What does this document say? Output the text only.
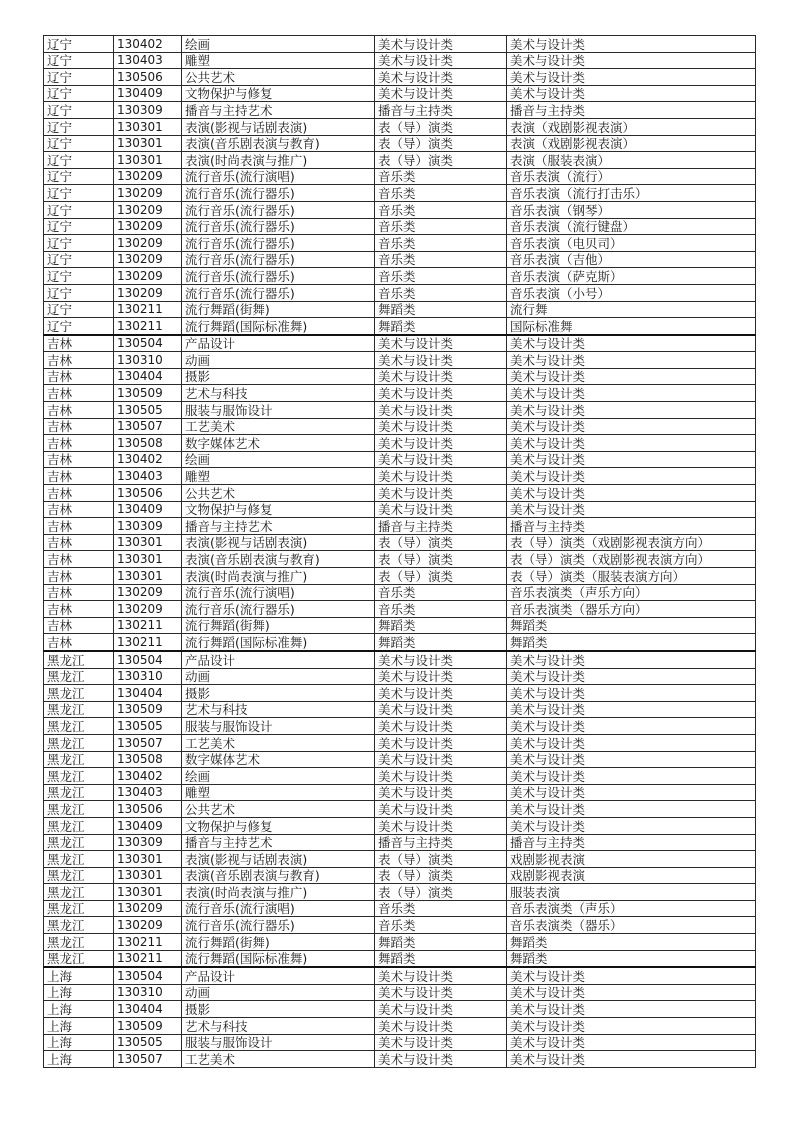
辽宁	130402	绘画	美术与设计类	美术与设计类
辽宁	130403	雕塑	美术与设计类	美术与设计类
辽宁	130506	公共艺术	美术与设计类	美术与设计类
辽宁	130409	文物保护与修复	美术与设计类	美术与设计类
辽宁	130309	播音与主持艺术	播音与主持类	播音与主持类
辽宁	130301	表演(影视与话剧表演)	表（导）演类	表演（戏剧影视表演）
辽宁	130301	表演(音乐剧表演与教育)	表（导）演类	表演（戏剧影视表演）
辽宁	130301	表演(时尚表演与推广)	表（导）演类	表演（服装表演）
辽宁	130209	流行音乐(流行演唱)	音乐类	音乐表演（流行）
辽宁	130209	流行音乐(流行器乐)	音乐类	音乐表演（流行打击乐）
辽宁	130209	流行音乐(流行器乐)	音乐类	音乐表演（钢琴）
辽宁	130209	流行音乐(流行器乐)	音乐类	音乐表演（流行键盘）
辽宁	130209	流行音乐(流行器乐)	音乐类	音乐表演（电贝司）
辽宁	130209	流行音乐(流行器乐)	音乐类	音乐表演（吉他）
辽宁	130209	流行音乐(流行器乐)	音乐类	音乐表演（萨克斯）
辽宁	130209	流行音乐(流行器乐)	音乐类	音乐表演（小号）
辽宁	130211	流行舞蹈(街舞)	舞蹈类	流行舞
辽宁	130211	流行舞蹈(国际标准舞)	舞蹈类	国际标准舞
吉林	130504	产品设计	美术与设计类	美术与设计类
吉林	130310	动画	美术与设计类	美术与设计类
吉林	130404	摄影	美术与设计类	美术与设计类
吉林	130509	艺术与科技	美术与设计类	美术与设计类
吉林	130505	服装与服饰设计	美术与设计类	美术与设计类
吉林	130507	工艺美术	美术与设计类	美术与设计类
吉林	130508	数字媒体艺术	美术与设计类	美术与设计类
吉林	130402	绘画	美术与设计类	美术与设计类
吉林	130403	雕塑	美术与设计类	美术与设计类
吉林	130506	公共艺术	美术与设计类	美术与设计类
吉林	130409	文物保护与修复	美术与设计类	美术与设计类
吉林	130309	播音与主持艺术	播音与主持类	播音与主持类
吉林	130301	表演(影视与话剧表演)	表（导）演类	表（导）演类（戏剧影视表演方向）
吉林	130301	表演(音乐剧表演与教育)	表（导）演类	表（导）演类（戏剧影视表演方向）
吉林	130301	表演(时尚表演与推广)	表（导）演类	表（导）演类（服装表演方向）
吉林	130209	流行音乐(流行演唱)	音乐类	音乐表演类（声乐方向）
吉林	130209	流行音乐(流行器乐)	音乐类	音乐表演类（器乐方向）
吉林	130211	流行舞蹈(街舞)	舞蹈类	舞蹈类
吉林	130211	流行舞蹈(国际标准舞)	舞蹈类	舞蹈类
黑龙江	130504	产品设计	美术与设计类	美术与设计类
黑龙江	130310	动画	美术与设计类	美术与设计类
黑龙江	130404	摄影	美术与设计类	美术与设计类
黑龙江	130509	艺术与科技	美术与设计类	美术与设计类
黑龙江	130505	服装与服饰设计	美术与设计类	美术与设计类
黑龙江	130507	工艺美术	美术与设计类	美术与设计类
黑龙江	130508	数字媒体艺术	美术与设计类	美术与设计类
黑龙江	130402	绘画	美术与设计类	美术与设计类
黑龙江	130403	雕塑	美术与设计类	美术与设计类
黑龙江	130506	公共艺术	美术与设计类	美术与设计类
黑龙江	130409	文物保护与修复	美术与设计类	美术与设计类
黑龙江	130309	播音与主持艺术	播音与主持类	播音与主持类
黑龙江	130301	表演(影视与话剧表演)	表（导）演类	戏剧影视表演
黑龙江	130301	表演(音乐剧表演与教育)	表（导）演类	戏剧影视表演
黑龙江	130301	表演(时尚表演与推广)	表（导）演类	服装表演
黑龙江	130209	流行音乐(流行演唱)	音乐类	音乐表演类（声乐）
黑龙江	130209	流行音乐(流行器乐)	音乐类	音乐表演类（器乐）
黑龙江	130211	流行舞蹈(街舞)	舞蹈类	舞蹈类
黑龙江	130211	流行舞蹈(国际标准舞)	舞蹈类	舞蹈类
上海	130504	产品设计	美术与设计类	美术与设计类
上海	130310	动画	美术与设计类	美术与设计类
上海	130404	摄影	美术与设计类	美术与设计类
上海	130509	艺术与科技	美术与设计类	美术与设计类
上海	130505	服装与服饰设计	美术与设计类	美术与设计类
上海	130507	工艺美术	美术与设计类	美术与设计类
